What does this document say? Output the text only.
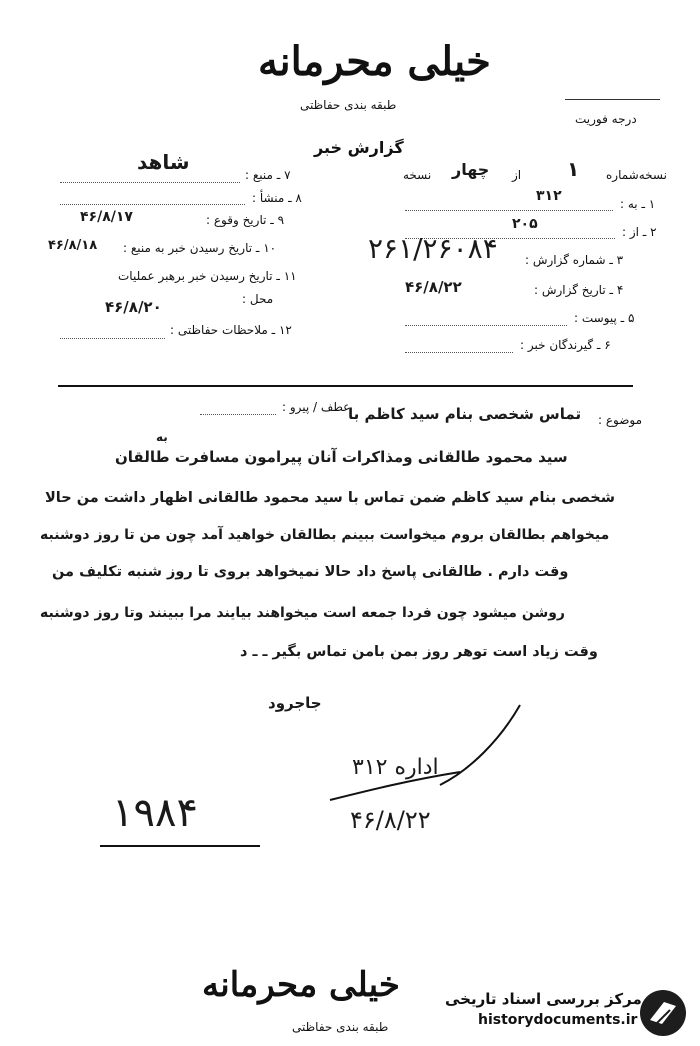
خیلی محرمانه
طبقه بندی حفاظتی
درجه فوریت
گزارش خبر
نسخه‌شماره
۱
از
چهار
نسخه
۱ ـ به :
۳۱۲
۲ ـ از :
۲۰۵
۳ ـ شماره گزارش :
۲۶۱/۲۶۰۸۴
۴ ـ تاریخ گزارش :
۴۶/۸/۲۲
۵ ـ پیوست :
۶ ـ گیرندگان خبر :
۷ ـ منبع :
شاهد
۸ ـ منشأ :
۹ ـ تاریخ وقوع :
۴۶/۸/۱۷
۱۰ ـ تاریخ رسیدن خبر به منبع :
۴۶/۸/۱۸
۱۱ ـ تاریخ رسیدن خبر برهبر عملیات
محل :
۴۶/۸/۲۰
۱۲ ـ ملاحظات حفاظتی :
موضوع :
عطف / پیرو :
تماس شخصی بنام سید کاظم با
به
سید محمود طالقانی ومذاکرات آنان پیرامون مسافرت طالقان
شخصی بنام سید کاظم ضمن تماس با سید محمود طالقانی اظهار داشت من حالا
میخواهم بطالقان بروم میخواست ببینم بطالقان خواهید آمد چون من تا روز دوشنبه
وقت دارم . طالقانی پاسخ داد حالا نمیخواهد بروی تا روز شنبه تکلیف من
روشن میشود چون فردا جمعه است میخواهند بیایند مرا ببینند وتا روز دوشنبه
وقت زیاد است توهر روز بمن بامن تماس بگیر ـ ـ د
جاجرود
اداره ۳۱۲
۴۶/۸/۲۲
۱۹۸۴
خیلی محرمانه
طبقه بندی حفاظتی
مرکز بررسی اسناد تاریخی
historydocuments.ir
